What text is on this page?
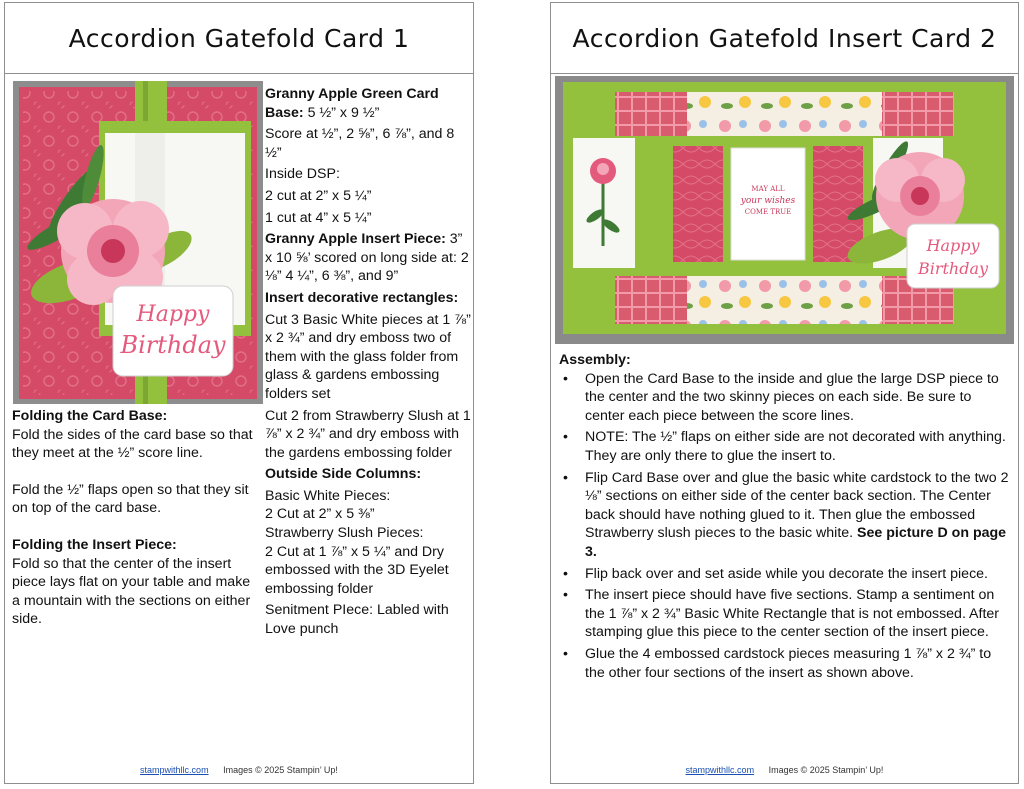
Accordion Gatefold Card 1
Happy
Birthday

Folding the Card Base:

Fold the sides of the card base so that they meet at the ½” score line.

Fold the ½” flaps open so that they sit on top of the card base.

Folding the Insert Piece:

Fold so that the center of the insert piece lays flat on your table and make a mountain with the sections on either side.

Granny Apple Green Card Base: 5 ½” x 9 ½”

Score at ½”, 2 ⅝”, 6 ⅞”, and 8 ½”

Inside DSP:

2 cut at 2” x 5 ¼”

1 cut at 4” x 5 ¼”

Granny Apple Insert Piece: 3” x 10 ⅝’ scored on long side at: 2 ⅛” 4 ¼”, 6 ⅜”, and 9”

Insert decorative rectangles:

Cut 3 Basic White pieces at 1 ⅞” x 2 ¾” and dry emboss two of them with the glass folder from glass & gardens embossing folders set

Cut 2 from Strawberry Slush at 1 ⅞” x 2 ¾” and dry emboss with the gardens embossing folder

Outside Side Columns:

Basic White Pieces:

2 Cut at 2” x 5 ⅜”

Strawberry Slush Pieces:

2 Cut at 1 ⅞” x 5 ¼” and Dry embossed with the 3D Eyelet embossing folder

Senitment PIece: Labled with Love punch

stampwithllc.com Images © 2025 Stampin’ Up!
Accordion Gatefold Insert Card 2
MAY ALL
your wishes
COME TRUE
Happy
Birthday

Assembly:

• Open the Card Base to the inside and glue the large DSP piece to the center and the two skinny pieces on each side. Be sure to center each piece between the score lines.
• NOTE: The ½” flaps on either side are not decorated with anything. They are only there to glue the insert to.
• Flip Card Base over and glue the basic white cardstock to the two 2 ⅛” sections on either side of the center back section. The Center back should have nothing glued to it. Then glue the embossed Strawberry slush pieces to the basic white. See picture D on page 3.
• Flip back over and set aside while you decorate the insert piece.
• The insert piece should have five sections. Stamp a sentiment on the 1 ⅞” x 2 ¾” Basic White Rectangle that is not embossed. After stamping glue this piece to the center section of the insert piece.
• Glue the 4 embossed cardstock pieces measuring 1 ⅞” x 2 ¾” to the other four sections of the insert as shown above.
stampwithllc.com Images © 2025 Stampin’ Up!
